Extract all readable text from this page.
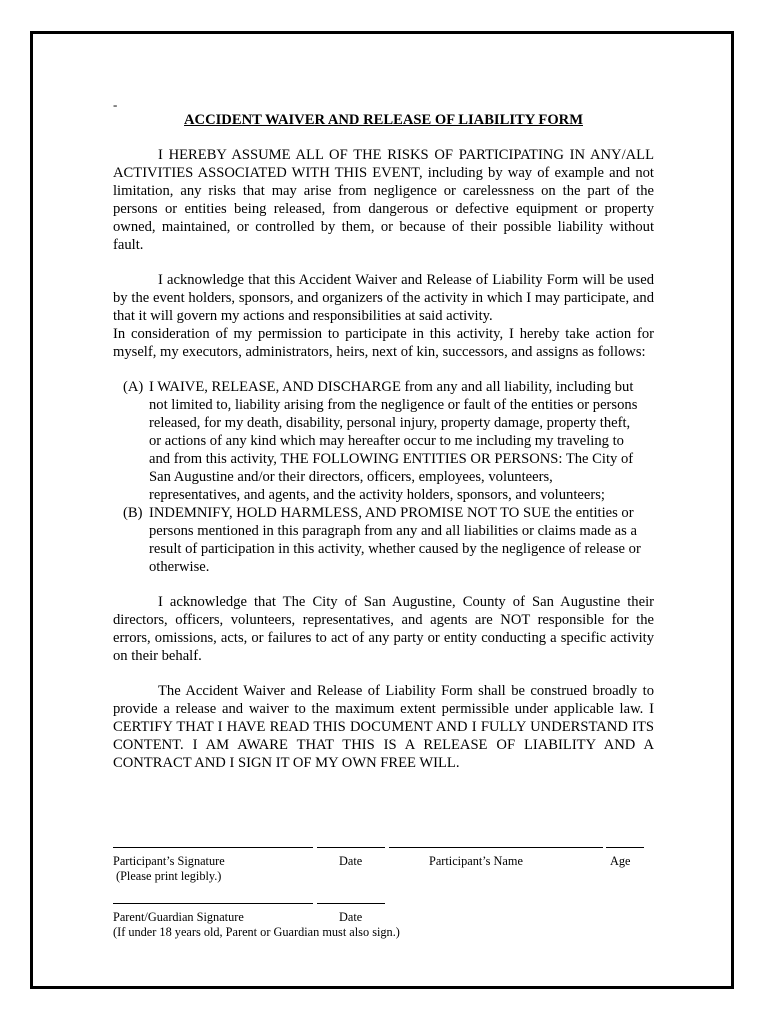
-
ACCIDENT WAIVER AND RELEASE OF LIABILITY FORM

I HEREBY ASSUME ALL OF THE RISKS OF PARTICIPATING IN ANY/ALL ACTIVITIES ASSOCIATED WITH THIS EVENT, including by way of example and not limitation, any risks that may arise from negligence or carelessness on the part of the persons or entities being released, from dangerous or defective equipment or property owned, maintained, or controlled by them, or because of their possible liability without fault.

I acknowledge that this Accident Waiver and Release of Liability Form will be used by the event holders, sponsors, and organizers of the activity in which I may participate, and that it will govern my actions and responsibilities at said activity.

In consideration of my permission to participate in this activity, I hereby take action for myself, my executors, administrators, heirs, next of kin, successors, and assigns as follows:

(A) I WAIVE, RELEASE, AND DISCHARGE from any and all liability, including but not limited to, liability arising from the negligence or fault of the entities or persons released, for my death, disability, personal injury, property damage, property theft, or actions of any kind which may hereafter occur to me including my traveling to and from this activity, THE FOLLOWING ENTITIES OR PERSONS: The City of San Augustine and/or their directors, officers, employees, volunteers, representatives, and agents, and the activity holders, sponsors, and volunteers;
(B) INDEMNIFY, HOLD HARMLESS, AND PROMISE NOT TO SUE the entities or persons mentioned in this paragraph from any and all liabilities or claims made as a result of participation in this activity, whether caused by the negligence of release or otherwise.

I acknowledge that The City of San Augustine, County of San Augustine their directors, officers, volunteers, representatives, and agents are NOT responsible for the errors, omissions, acts, or failures to act of any party or entity conducting a specific activity on their behalf.

The Accident Waiver and Release of Liability Form shall be construed broadly to provide a release and waiver to the maximum extent permissible under applicable law. I CERTIFY THAT I HAVE READ THIS DOCUMENT AND I FULLY UNDERSTAND ITS CONTENT. I AM AWARE THAT THIS IS A RELEASE OF LIABILITY AND A CONTRACT AND I SIGN IT OF MY OWN FREE WILL.

Participant’s Signature	Date	Participant’s Name	Age
(Please print legibly.)
Parent/Guardian Signature	Date
(If under 18 years old, Parent or Guardian must also sign.)
